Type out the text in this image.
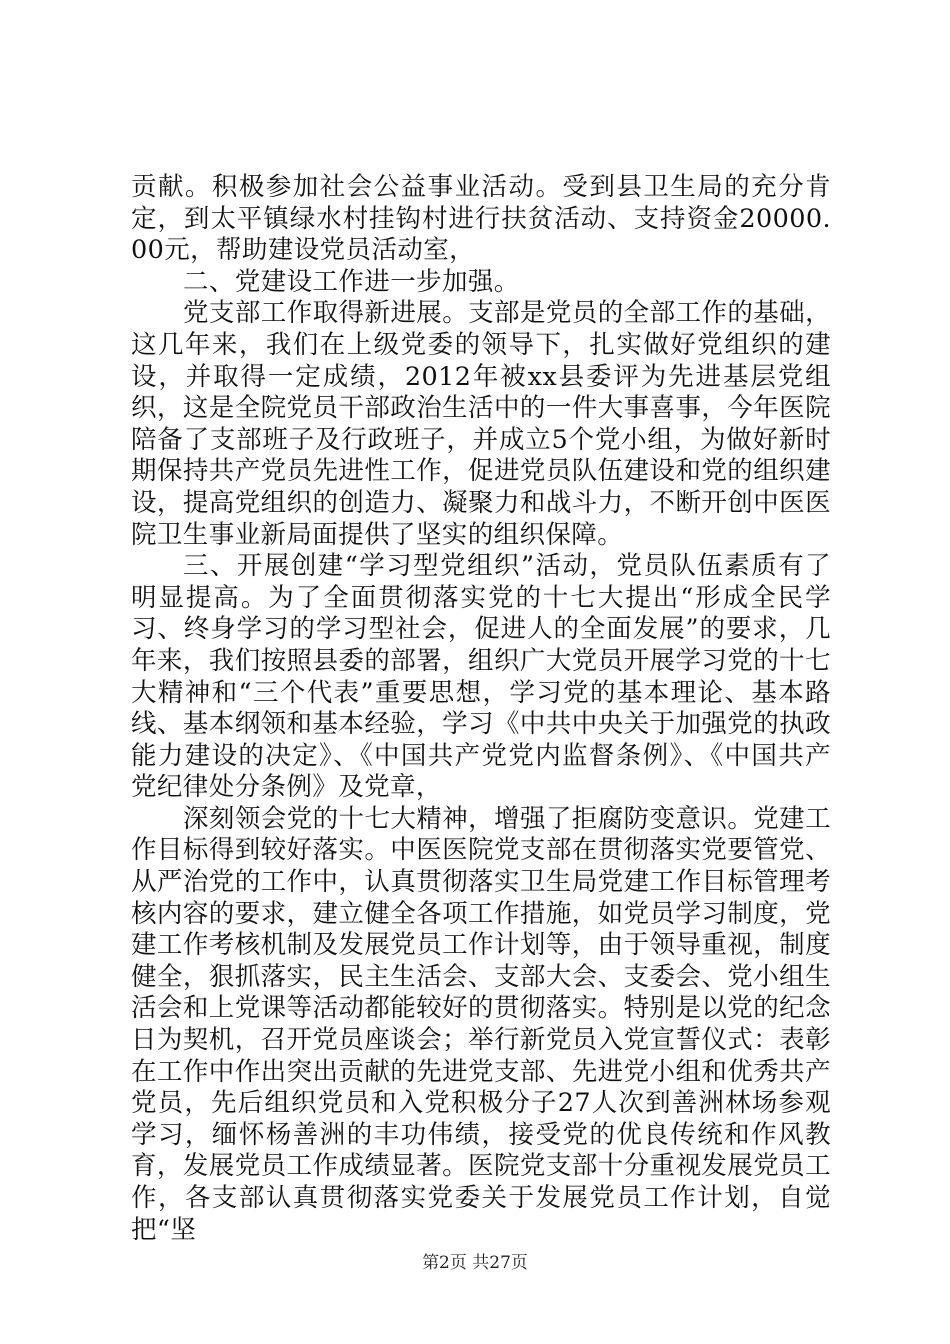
贡献。积极参加社会公益事业活动。受到县卫生局的充分肯定，到太平镇绿水村挂钩村进行扶贫活动、支持资金20000.00元，帮助建设党员活动室，

二、党建设工作进一步加强。

党支部工作取得新进展。支部是党员的全部工作的基础，这几年来，我们在上级党委的领导下，扎实做好党组织的建设，并取得一定成绩，2012年被xx县委评为先进基层党组织，这是全院党员干部政治生活中的一件大事喜事，今年医院陪备了支部班子及行政班子，并成立5个党小组，为做好新时期保持共产党员先进性工作，促进党员队伍建设和党的组织建设，提高党组织的创造力、凝聚力和战斗力，不断开创中医医院卫生事业新局面提供了坚实的组织保障。

三、开展创建“学习型党组织”活动，党员队伍素质有了明显提高。为了全面贯彻落实党的十七大提出“形成全民学习、终身学习的学习型社会，促进人的全面发展”的要求，几年来，我们按照县委的部署，组织广大党员开展学习党的十七大精神和“三个代表”重要思想，学习党的基本理论、基本路线、基本纲领和基本经验，学习《中共中央关于加强党的执政能力建设的决定》、《中国共产党党内监督条例》、《中国共产党纪律处分条例》及党章，

深刻领会党的十七大精神，增强了拒腐防变意识。党建工作目标得到较好落实。中医医院党支部在贯彻落实党要管党、从严治党的工作中，认真贯彻落实卫生局党建工作目标管理考核内容的要求，建立健全各项工作措施，如党员学习制度，党建工作考核机制及发展党员工作计划等，由于领导重视，制度健全，狠抓落实，民主生活会、支部大会、支委会、党小组生活会和上党课等活动都能较好的贯彻落实。特别是以党的纪念日为契机，召开党员座谈会；举行新党员入党宣誓仪式：表彰在工作中作出突出贡献的先进党支部、先进党小组和优秀共产党员，先后组织党员和入党积极分子27人次到善洲林场参观学习，缅怀杨善洲的丰功伟绩，接受党的优良传统和作风教育，发展党员工作成绩显著。医院党支部十分重视发展党员工作，各支部认真贯彻落实党委关于发展党员工作计划，自觉把“坚

第2页 共27页
